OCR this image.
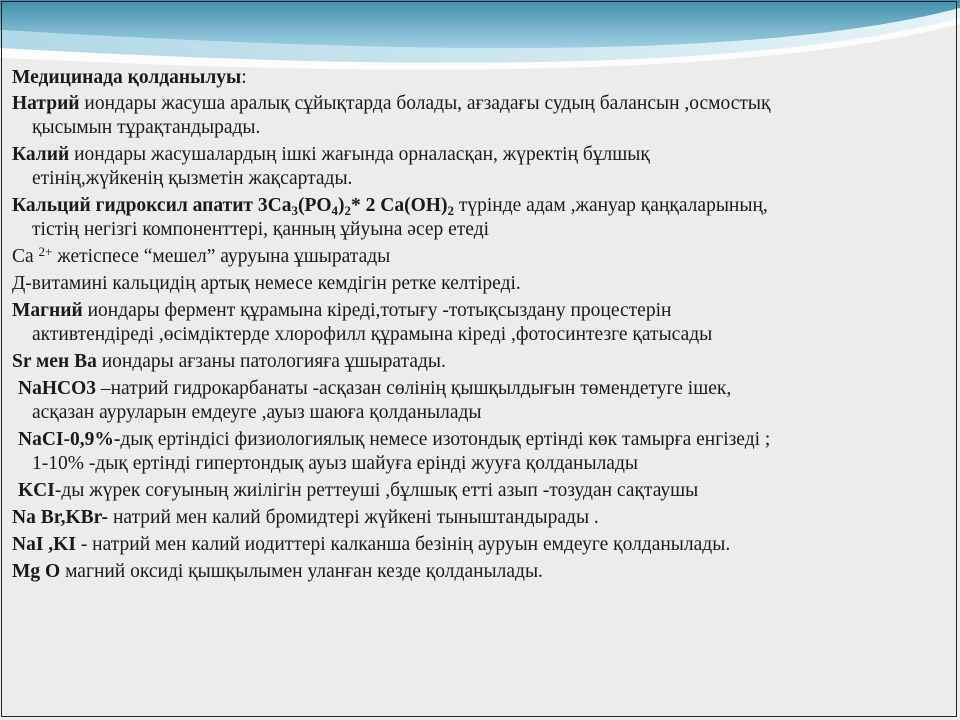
Медицинада қолданылуы:
Натрий иондары жасуша аралық сұйықтарда болады, ағзадағы судың балансын ,осмостық
қысымын тұрақтандырады.
Калий иондары жасушалардың ішкі жағында орналасқан, жүректің бұлшық
етінің,жүйкенің қызметін жақсартады.
Кальций гидроксил апатит $3Ca_3(PO_4)_2*$ 2 $Ca(OH)_2$ түрінде адам ,жануар қаңқаларының,
тістің негізгі компоненттері, қанның ұйуына әсер етеді
Ca $^{2+}$ жетіспесе “мешел” ауруына ұшыратады
Д-витамині кальцидің артық немесе кемдігін ретке келтіреді.
Магний иондары фермент құрамына кіреді,тотығу -тотықсыздану процестерін
активтендіреді ,өсімдіктерде хлорофилл құрамына кіреді ,фотосинтезге қатысады
Sr мен Ba иондары ағзаны патологияға ұшыратады.
NaHCO3 –натрий гидрокарбанаты -асқазан сөлінің қышқылдығын төмендетуге ішек,
асқазан ауруларын емдеуге ,ауыз шаюға қолданылады
NaCI-0,9%-дық ертіндісі физиологиялық немесе изотондық ертінді көк тамырға енгізеді ;
1-10% -дық ертінді гипертондық ауыз шайуға ерінді жууға қолданылады
KCI-ды жүрек соғуының жиілігін реттеуші ,бұлшық етті азып -тозудан сақтаушы
Na Br,KBr- натрий мен калий бромидтері жүйкені тыныштандырады .
NaI ,KI - натрий мен калий иодиттері калканша безінің ауруын емдеуге қолданылады.
Mg O магний оксиді қышқылымен уланған кезде қолданылады.
